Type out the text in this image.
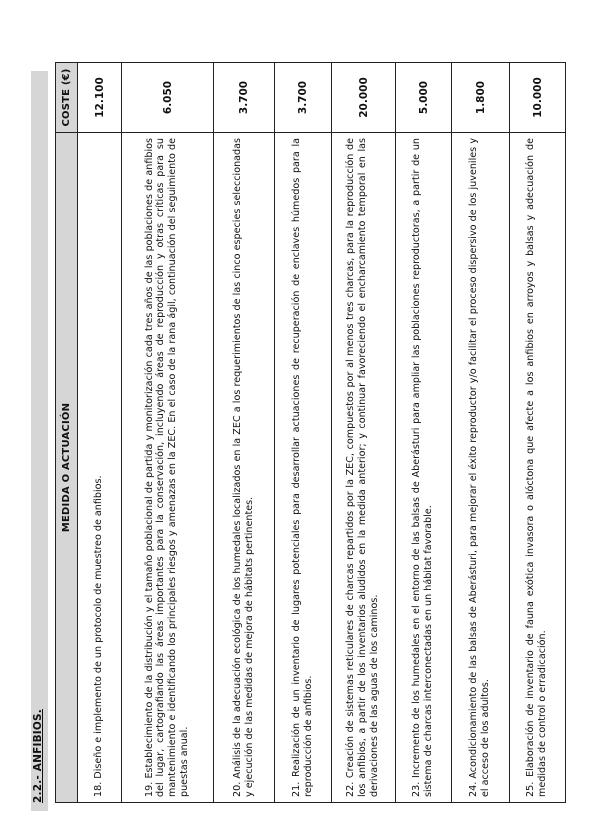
2.2.- ANFIBIOS.
MEDIDA O ACTUACIÓN	COSTE (€)
18. Diseño e implemento de un protocolo de muestreo de anfibios.	12.100
19. Establecimiento de la distribución y el tamaño poblacional de partida y monitorización cada tres años de las poblaciones de anfibios del lugar, cartografiando las áreas importantes para la conservación, incluyendo áreas de reproducción y otras críticas para su mantenimiento e identificando los principales riesgos y amenazas en la ZEC. En el caso de la rana ágil, continuación del seguimiento de puestas anual.	6.050
20. Análisis de la adecuación ecológica de los humedales localizados en la ZEC a los requerimientos de las cinco especies seleccionadas y ejecución de las medidas de mejora de hábitats pertinentes.	3.700
21. Realización de un inventario de lugares potenciales para desarrollar actuaciones de recuperación de enclaves húmedos para la reproducción de anfibios.	3.700
22. Creación de sistemas reticulares de charcas repartidos por la ZEC, compuestos por al menos tres charcas, para la reproducción de los anfibios, a partir de los inventarios aludidos en la medida anterior; y continuar favoreciendo el encharcamiento temporal en las derivaciones de las aguas de los caminos.	20.000
23. Incremento de los humedales en el entorno de las balsas de Aberásturi para ampliar las poblaciones reproductoras, a partir de un sistema de charcas interconectadas en un hábitat favorable.	5.000
24. Acondicionamiento de las balsas de Aberásturi, para mejorar el éxito reproductor y/o facilitar el proceso dispersivo de los juveniles y el acceso de los adultos.	1.800
25. Elaboración de inventario de fauna exótica invasora o alóctona que afecte a los anfibios en arroyos y balsas y adecuación de medidas de control o erradicación.	10.000
